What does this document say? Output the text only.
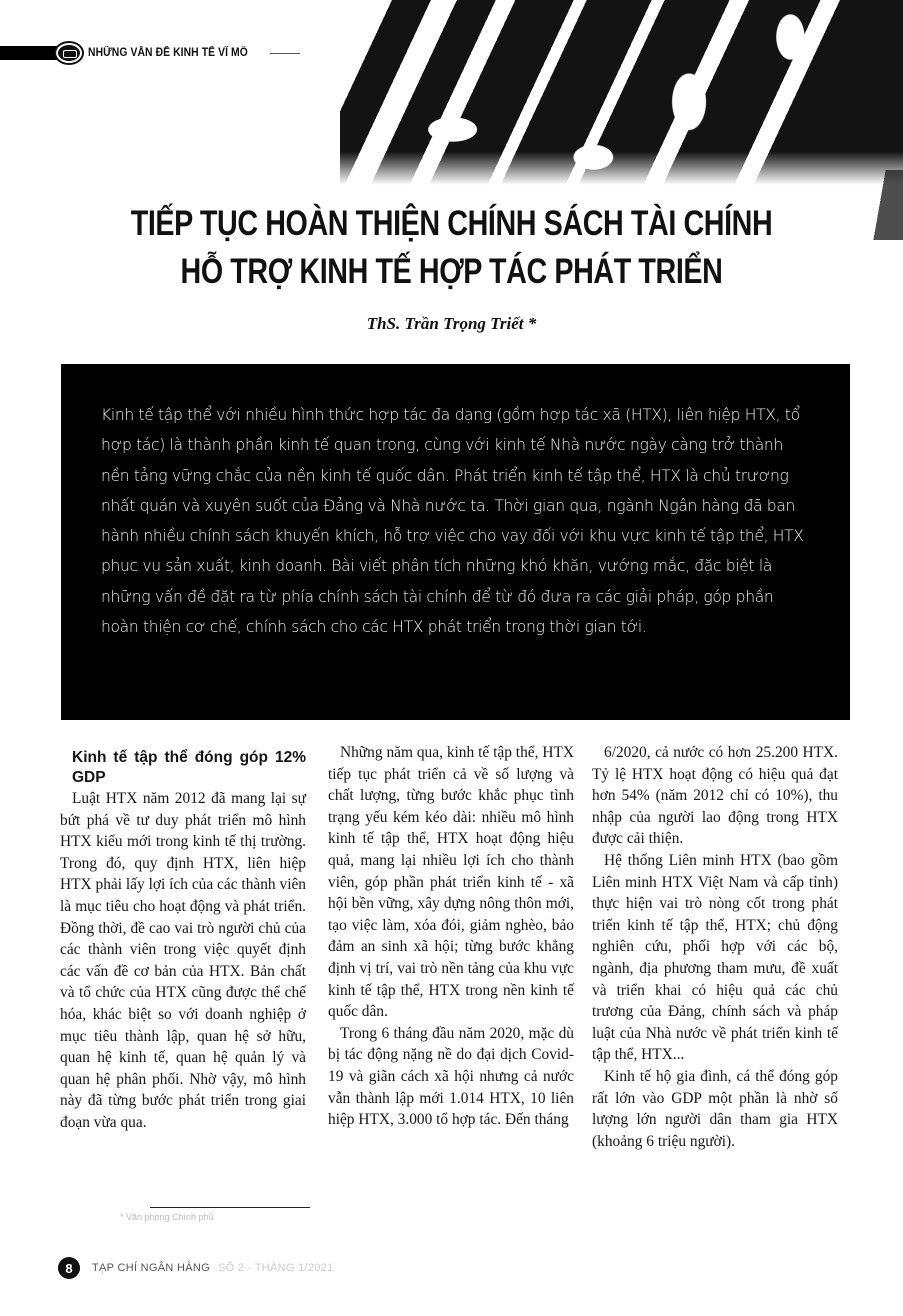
NHỮNG VẤN ĐỀ KINH TẾ VĨ MÔ
TIẾP TỤC HOÀN THIỆN CHÍNH SÁCH TÀI CHÍNH
HỖ TRỢ KINH TẾ HỢP TÁC PHÁT TRIỂN
ThS. Trần Trọng Triết *

Kinh tế tập thể với nhiều hình thức hợp tác đa dạng (gồm hợp tác xã (HTX), liên hiệp HTX, tổ hợp tác) là thành phần kinh tế quan trọng, cùng với kinh tế Nhà nước ngày càng trở thành nền tảng vững chắc của nền kinh tế quốc dân. Phát triển kinh tế tập thể, HTX là chủ trương nhất quán và xuyên suốt của Đảng và Nhà nước ta. Thời gian qua, ngành Ngân hàng đã ban hành nhiều chính sách khuyến khích, hỗ trợ việc cho vay đối với khu vực kinh tế tập thể, HTX phục vụ sản xuất, kinh doanh. Bài viết phân tích những khó khăn, vướng mắc, đặc biệt là những vấn đề đặt ra từ phía chính sách tài chính để từ đó đưa ra các giải pháp, góp phần hoàn thiện cơ chế, chính sách cho các HTX phát triển trong thời gian tới.

Kinh tế tập thể đóng góp 12% GDP

Luật HTX năm 2012 đã mang lại sự bứt phá về tư duy phát triển mô hình HTX kiểu mới trong kinh tế thị trường. Trong đó, quy định HTX, liên hiệp HTX phải lấy lợi ích của các thành viên là mục tiêu cho hoạt động và phát triển. Đồng thời, đề cao vai trò người chủ của các thành viên trong việc quyết định các vấn đề cơ bản của HTX. Bản chất và tổ chức của HTX cũng được thể chế hóa, khác biệt so với doanh nghiệp ở mục tiêu thành lập, quan hệ sở hữu, quan hệ kinh tế, quan hệ quản lý và quan hệ phân phối. Nhờ vậy, mô hình này đã từng bước phát triển trong giai đoạn vừa qua.

Những năm qua, kinh tế tập thể, HTX tiếp tục phát triển cả về số lượng và chất lượng, từng bước khắc phục tình trạng yếu kém kéo dài: nhiều mô hình kinh tế tập thể, HTX hoạt động hiệu quả, mang lại nhiều lợi ích cho thành viên, góp phần phát triển kinh tế - xã hội bền vững, xây dựng nông thôn mới, tạo việc làm, xóa đói, giảm nghèo, bảo đảm an sinh xã hội; từng bước khẳng định vị trí, vai trò nền tảng của khu vực kinh tế tập thể, HTX trong nền kinh tế quốc dân.

Trong 6 tháng đầu năm 2020, mặc dù bị tác động nặng nề do đại dịch Covid-19 và giãn cách xã hội nhưng cả nước vẫn thành lập mới 1.014 HTX, 10 liên hiệp HTX, 3.000 tổ hợp tác. Đến tháng

6/2020, cả nước có hơn 25.200 HTX. Tỷ lệ HTX hoạt động có hiệu quả đạt hơn 54% (năm 2012 chỉ có 10%), thu nhập của người lao động trong HTX được cải thiện.

Hệ thống Liên minh HTX (bao gồm Liên minh HTX Việt Nam và cấp tỉnh) thực hiện vai trò nòng cốt trong phát triển kinh tế tập thể, HTX; chủ động nghiên cứu, phối hợp với các bộ, ngành, địa phương tham mưu, đề xuất và triển khai có hiệu quả các chủ trương của Đảng, chính sách và pháp luật của Nhà nước về phát triển kinh tế tập thể, HTX...

Kinh tế hộ gia đình, cá thể đóng góp rất lớn vào GDP một phần là nhờ số lượng lớn người dân tham gia HTX (khoảng 6 triệu người).

* Văn phòng Chính phủ
8	TẠP CHÍ NGÂN HÀNG SỐ 2 - THÁNG 1/2021
